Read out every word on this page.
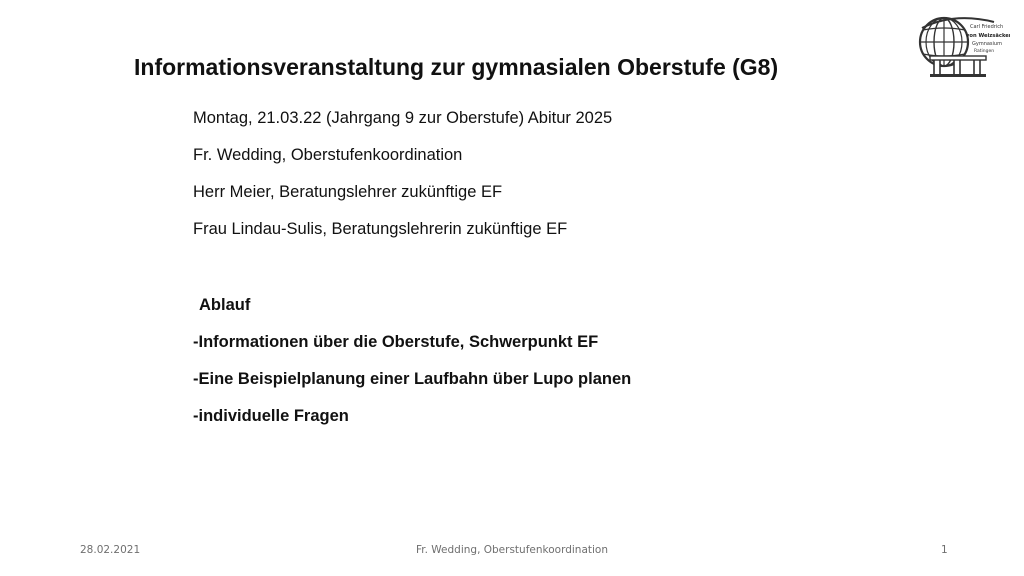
Informationsveranstaltung zur gymnasialen Oberstufe (G8)
Carl Friedrich
von Weizsäcker
Gymnasium
Ratingen
Montag, 21.03.22 (Jahrgang 9 zur Oberstufe) Abitur 2025
Fr. Wedding, Oberstufenkoordination
Herr Meier, Beratungslehrer zukünftige EF
Frau Lindau-Sulis, Beratungslehrerin zukünftige EF
Ablauf
-Informationen über die Oberstufe, Schwerpunkt EF
-Eine Beispielplanung einer Laufbahn über Lupo planen
-individuelle Fragen
28.02.2021	Fr. Wedding, Oberstufenkoordination	1
